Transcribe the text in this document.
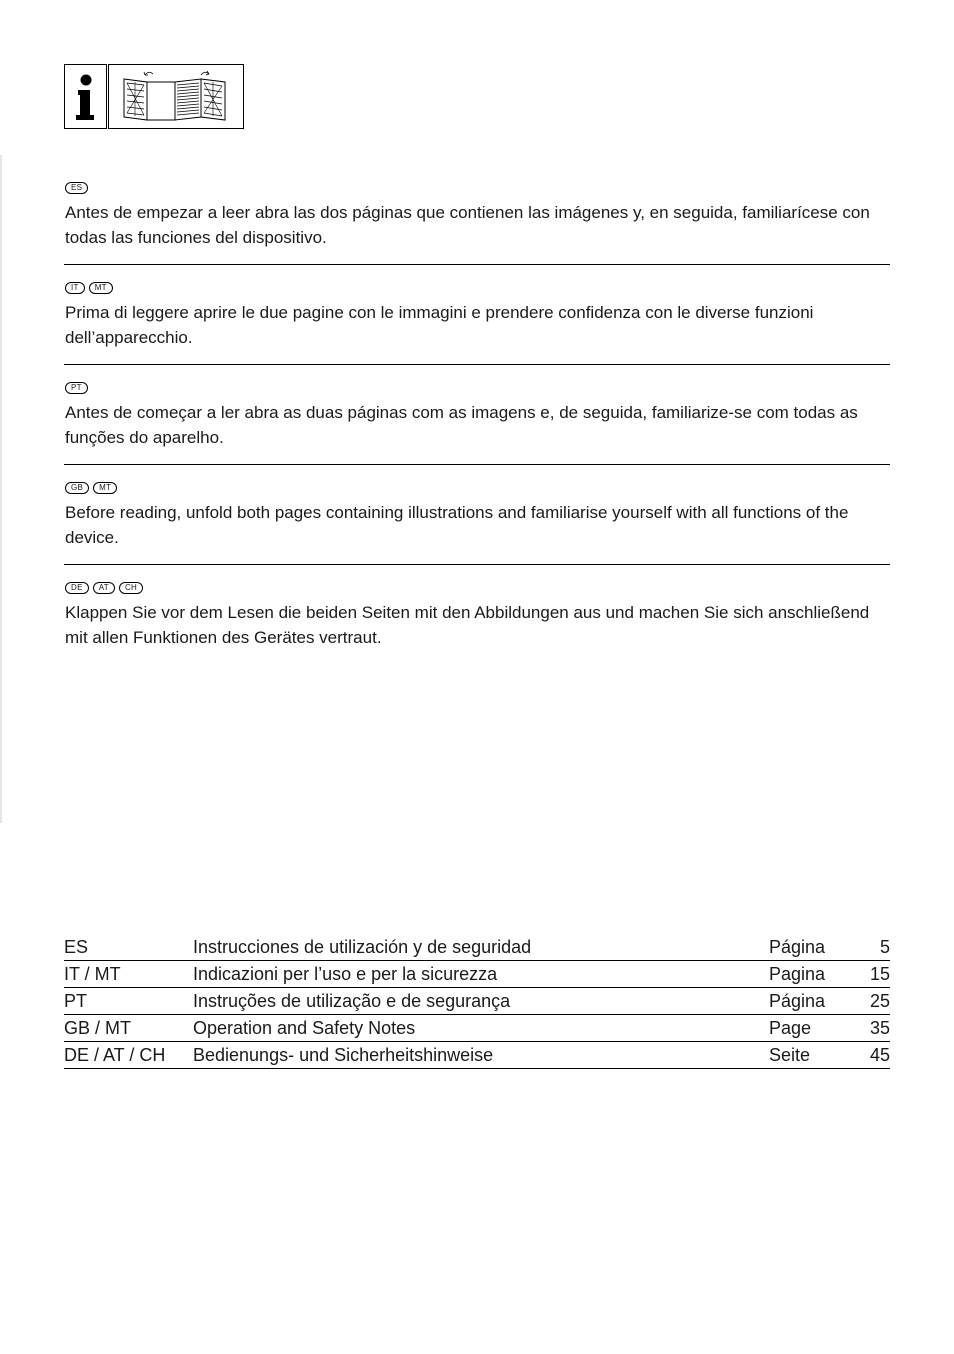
ES

Antes de empezar a leer abra las dos páginas que contienen las imágenes y, en seguida, familiarícese con todas las funciones del dispositivo.

IT	MT

Prima di leggere aprire le due pagine con le immagini e prendere confidenza con le diverse funzioni dell’apparecchio.

PT

Antes de começar a ler abra as duas páginas com as imagens e, de seguida, familiarize-se com todas as funções do aparelho.

GB	MT

Before reading, unfold both pages containing illustrations and familiarise yourself with all functions of the device.

DE	AT	CH

Klappen Sie vor dem Lesen die beiden Seiten mit den Abbildungen aus und machen Sie sich anschließend mit allen Funktionen des Gerätes vertraut.

ES	Instrucciones de utilización y de seguridad	Página	5
IT / MT	Indicazioni per l’uso e per la sicurezza	Pagina	15
PT	Instruções de utilização e de segurança	Página	25
GB / MT	Operation and Safety Notes	Page	35
DE / AT / CH	Bedienungs- und Sicherheitshinweise	Seite	45
